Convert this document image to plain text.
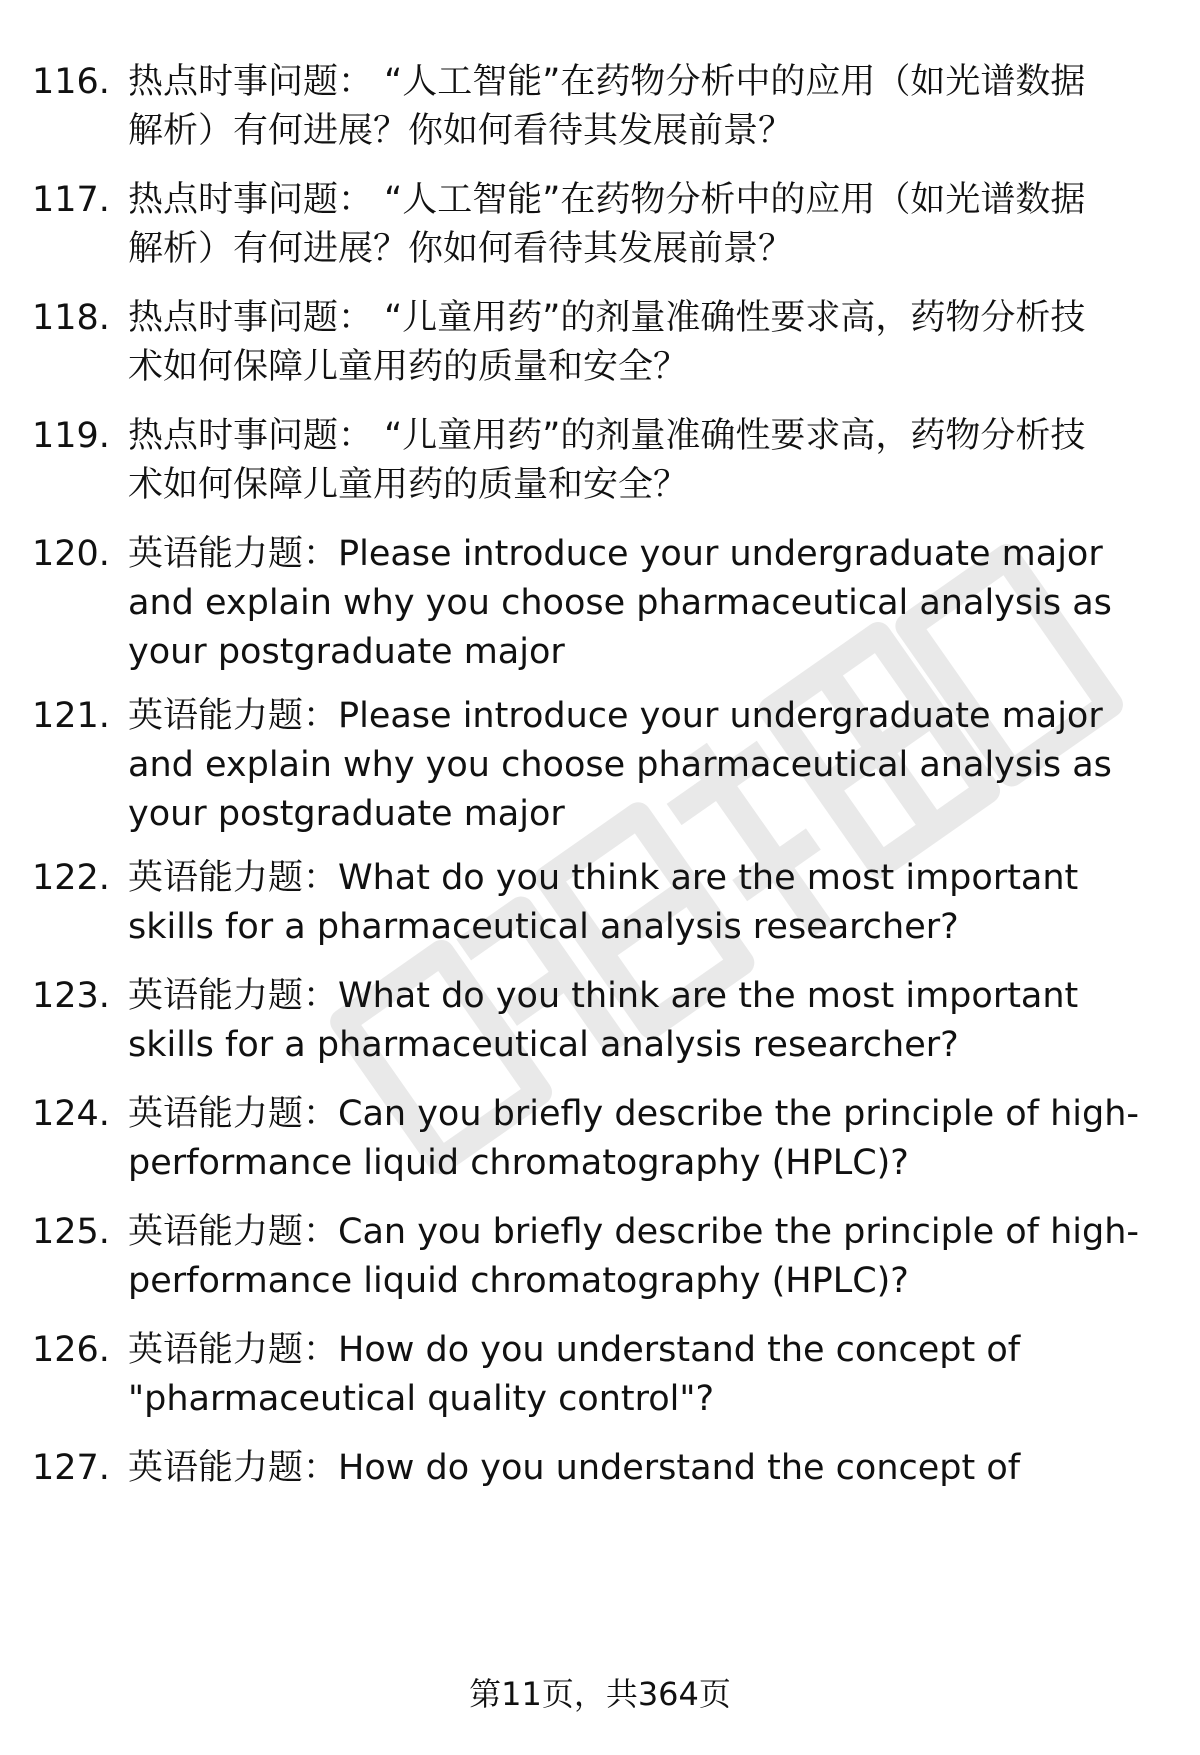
116. 热点时事问题： “人工智能”在药物分析中的应用（如光谱数据
解析）有何进展？你如何看待其发展前景？
117. 热点时事问题： “人工智能”在药物分析中的应用（如光谱数据
解析）有何进展？你如何看待其发展前景？
118. 热点时事问题： “儿童用药”的剂量准确性要求高，药物分析技
术如何保障儿童用药的质量和安全？
119. 热点时事问题： “儿童用药”的剂量准确性要求高，药物分析技
术如何保障儿童用药的质量和安全？
120. 英语能力题：Please introduce your undergraduate major
and explain why you choose pharmaceutical analysis as
your postgraduate major
121. 英语能力题：Please introduce your undergraduate major
and explain why you choose pharmaceutical analysis as
your postgraduate major
122. 英语能力题：What do you think are the most important
skills for a pharmaceutical analysis researcher?
123. 英语能力题：What do you think are the most important
skills for a pharmaceutical analysis researcher?
124. 英语能力题：Can you briefly describe the principle of high-
performance liquid chromatography (HPLC)?
125. 英语能力题：Can you briefly describe the principle of high-
performance liquid chromatography (HPLC)?
126. 英语能力题：How do you understand the concept of
"pharmaceutical quality control"?
127. 英语能力题：How do you understand the concept of
第11页，共364页
